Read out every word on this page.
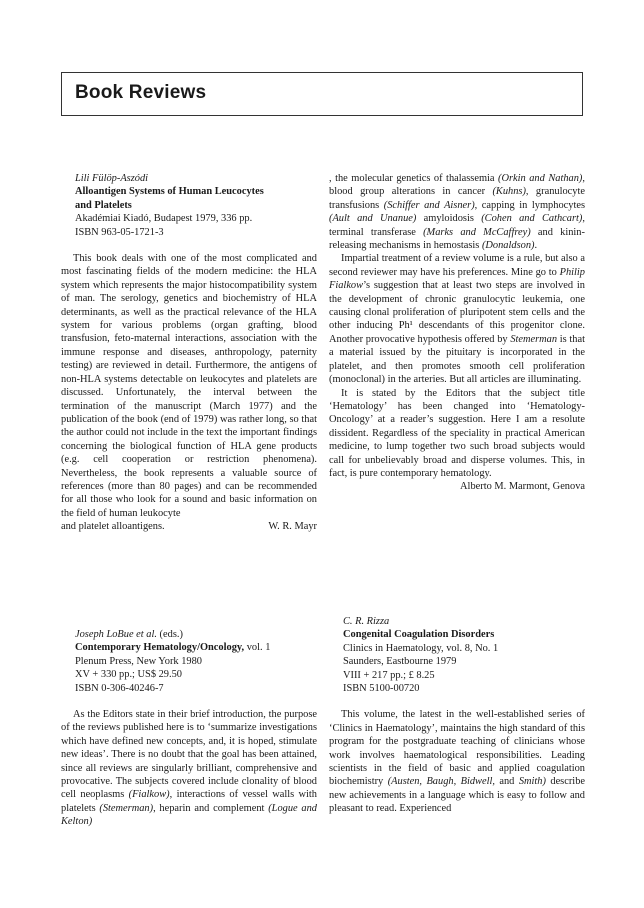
Book Reviews
Lili Fülöp-Aszódi
Alloantigen Systems of Human Leucocytes
and Platelets
Akadémiai Kiadó, Budapest 1979, 336 pp.
ISBN 963-05-1721-3

This book deals with one of the most complicated and most fascinating fields of the modern medicine: the HLA system which represents the major histocompatibility system of man. The serology, genetics and biochemistry of HLA determinants, as well as the practical relevance of the HLA system for various problems (organ grafting, blood transfusion, feto-maternal interactions, association with the immune response and diseases, anthropology, paternity testing) are reviewed in detail. Furthermore, the antigens of non-HLA systems detectable on leukocytes and platelets are discussed. Unfortunately, the interval between the termination of the manuscript (March 1977) and the publication of the book (end of 1979) was rather long, so that the author could not include in the text the important findings concerning the biological function of HLA gene products (e.g. cell cooperation or restriction phenomena). Nevertheless, the book represents a valuable source of references (more than 80 pages) and can be recommended for all those who look for a sound and basic information on the field of human leukocyte

and platelet alloantigens.	W. R. Mayr
Joseph LoBue et al. (eds.)
Contemporary Hematology/Oncology, vol. 1
Plenum Press, New York 1980
XV + 330 pp.; US$ 29.50
ISBN 0-306-40246-7

As the Editors state in their brief introduction, the purpose of the reviews published here is to ‘summarize investigations which have defined new concepts, and, it is hoped, stimulate new ideas’. There is no doubt that the goal has been attained, since all reviews are singularly brilliant, comprehensive and provocative. The subjects covered include clonality of blood cell neoplasms (Fialkow), interactions of vessel walls with platelets (Stemerman), heparin and complement (Logue and Kelton)

, the molecular genetics of thalassemia (Orkin and Nathan), blood group alterations in cancer (Kuhns), granulocyte transfusions (Schiffer and Aisner), capping in lymphocytes (Ault and Unanue) amyloidosis (Cohen and Cathcart), terminal transferase (Marks and McCaffrey) and kinin-releasing mechanisms in hemostasis (Donaldson).

Impartial treatment of a review volume is a rule, but also a second reviewer may have his preferences. Mine go to Philip Fialkow’s suggestion that at least two steps are involved in the development of chronic granulocytic leukemia, one causing clonal proliferation of pluripotent stem cells and the other inducing Ph¹ descendants of this progenitor clone. Another provocative hypothesis offered by Stemerman is that a material issued by the pituitary is incorporated in the platelet, and then promotes smooth cell proliferation (monoclonal) in the arteries. But all articles are illuminating.

It is stated by the Editors that the subject title ‘Hematology’ has been changed into ‘Hematology-Oncology’ at a reader’s suggestion. Here I am a resolute dissident. Regardless of the speciality in practical American medicine, to lump together two such broad subjects would call for unbelievably broad and disperse volumes. This, in fact, is pure contemporary hematology.

Alberto M. Marmont, Genova
C. R. Rizza
Congenital Coagulation Disorders
Clinics in Haematology, vol. 8, No. 1
Saunders, Eastbourne 1979
VIII + 217 pp.; £ 8.25
ISBN 5100-00720

This volume, the latest in the well-established series of ‘Clinics in Haematology’, maintains the high standard of this program for the postgraduate teaching of clinicians whose work involves haematological responsibilities. Leading scientists in the field of basic and applied coagulation biochemistry (Austen, Baugh, Bidwell, and Smith) describe new achievements in a language which is easy to follow and pleasant to read. Experienced
